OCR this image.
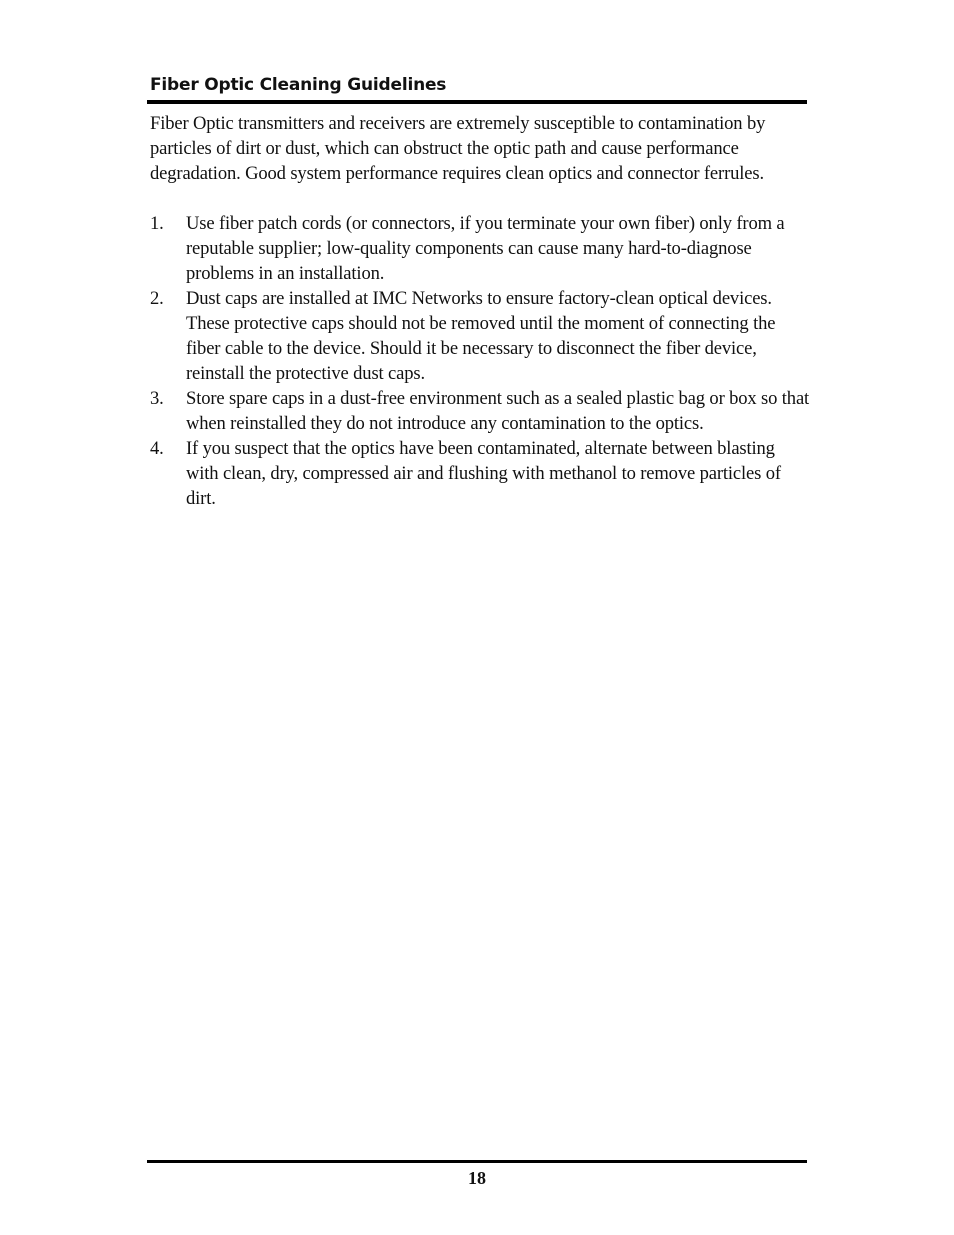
Fiber Optic Cleaning Guidelines

Fiber Optic transmitters and receivers are extremely susceptible to contamination by particles of dirt or dust, which can obstruct the optic path and cause performance degradation. Good system performance requires clean optics and connector ferrules.

1.	Use fiber patch cords (or connectors, if you terminate your own fiber) only from a reputable supplier; low-quality components can cause many hard-to-diagnose problems in an installation.
2.	Dust caps are installed at IMC Networks to ensure factory-clean optical devices. These protective caps should not be removed until the moment of connecting the fiber cable to the device. Should it be necessary to disconnect the fiber device, reinstall the protective dust caps.
3.	Store spare caps in a dust-free environment such as a sealed plastic bag or box so that when reinstalled they do not introduce any contamination to the optics.
4.	If you suspect that the optics have been contaminated, alternate between blasting with clean, dry, compressed air and flushing with methanol to remove particles of dirt.
18
